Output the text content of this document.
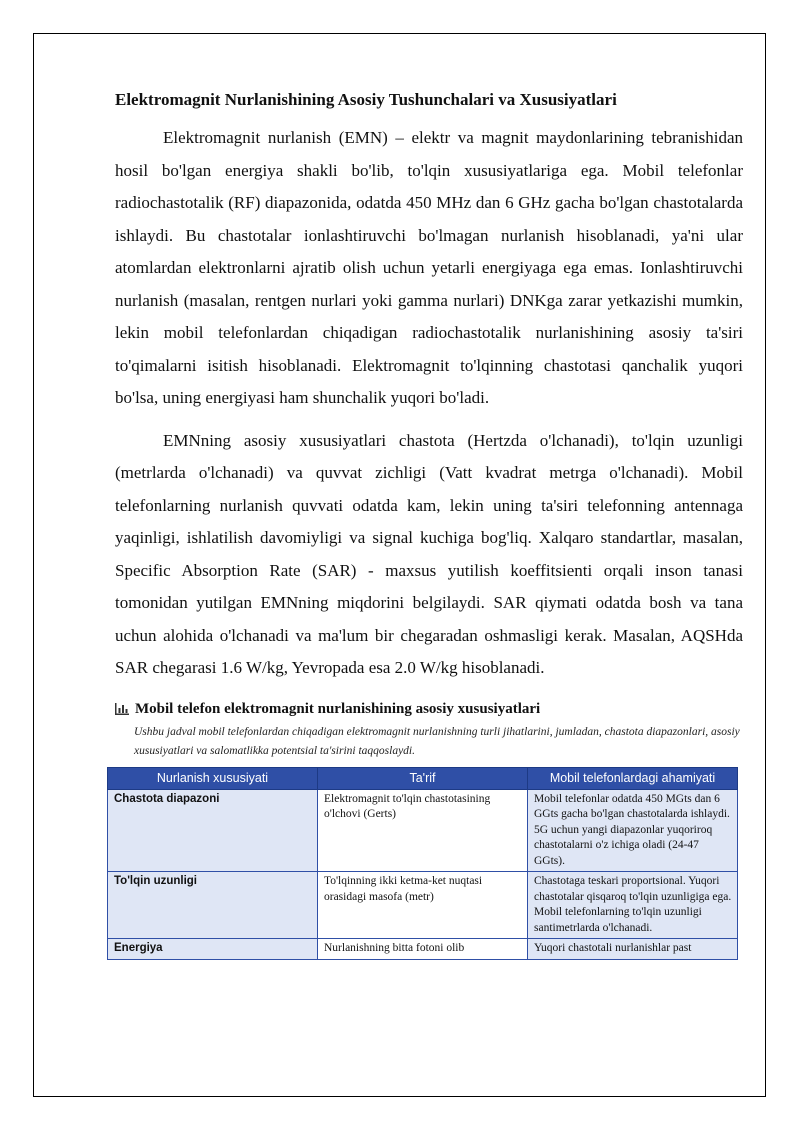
Elektromagnit Nurlanishining Asosiy Tushunchalari va Xususiyatlari

Elektromagnit nurlanish (EMN) – elektr va magnit maydonlarining tebranishidan hosil bo'lgan energiya shakli bo'lib, to'lqin xususiyatlariga ega. Mobil telefonlar radiochastotalik (RF) diapazonida, odatda 450 MHz dan 6 GHz gacha bo'lgan chastotalarda ishlaydi. Bu chastotalar ionlashtiruvchi bo'lmagan nurlanish hisoblanadi, ya'ni ular atomlardan elektronlarni ajratib olish uchun yetarli energiyaga ega emas. Ionlashtiruvchi nurlanish (masalan, rentgen nurlari yoki gamma nurlari) DNKga zarar yetkazishi mumkin, lekin mobil telefonlardan chiqadigan radiochastotalik nurlanishining asosiy ta'siri to'qimalarni isitish hisoblanadi. Elektromagnit to'lqinning chastotasi qanchalik yuqori bo'lsa, uning energiyasi ham shunchalik yuqori bo'ladi.

EMNning asosiy xususiyatlari chastota (Hertzda o'lchanadi), to'lqin uzunligi (metrlarda o'lchanadi) va quvvat zichligi (Vatt kvadrat metrga o'lchanadi). Mobil telefonlarning nurlanish quvvati odatda kam, lekin uning ta'siri telefonning antennaga yaqinligi, ishlatilish davomiyligi va signal kuchiga bog'liq. Xalqaro standartlar, masalan, Specific Absorption Rate (SAR) - maxsus yutilish koeffitsienti orqali inson tanasi tomonidan yutilgan EMNning miqdorini belgilaydi. SAR qiymati odatda bosh va tana uchun alohida o'lchanadi va ma'lum bir chegaradan oshmasligi kerak. Masalan, AQSHda SAR chegarasi 1.6 W/kg, Yevropada esa 2.0 W/kg hisoblanadi.

Mobil telefon elektromagnit nurlanishining asosiy xususiyatlari
Ushbu jadval mobil telefonlardan chiqadigan elektromagnit nurlanishning turli jihatlarini, jumladan, chastota diapazonlari, asosiy xususiyatlari va salomatlikka potentsial ta'sirini taqqoslaydi.
Nurlanish xususiyati	Ta'rif	Mobil telefonlardagi ahamiyati
Chastota diapazoni	Elektromagnit to'lqin chastotasining o'lchovi (Gerts)	Mobil telefonlar odatda 450 MGts dan 6 GGts gacha bo'lgan chastotalarda ishlaydi. 5G uchun yangi diapazonlar yuqoriroq chastotalarni o'z ichiga oladi (24-47 GGts).
To'lqin uzunligi	To'lqinning ikki ketma-ket nuqtasi orasidagi masofa (metr)	Chastotaga teskari proportsional. Yuqori chastotalar qisqaroq to'lqin uzunligiga ega. Mobil telefonlarning to'lqin uzunligi santimetrlarda o'lchanadi.
Energiya	Nurlanishning bitta fotoni olib	Yuqori chastotali nurlanishlar past
